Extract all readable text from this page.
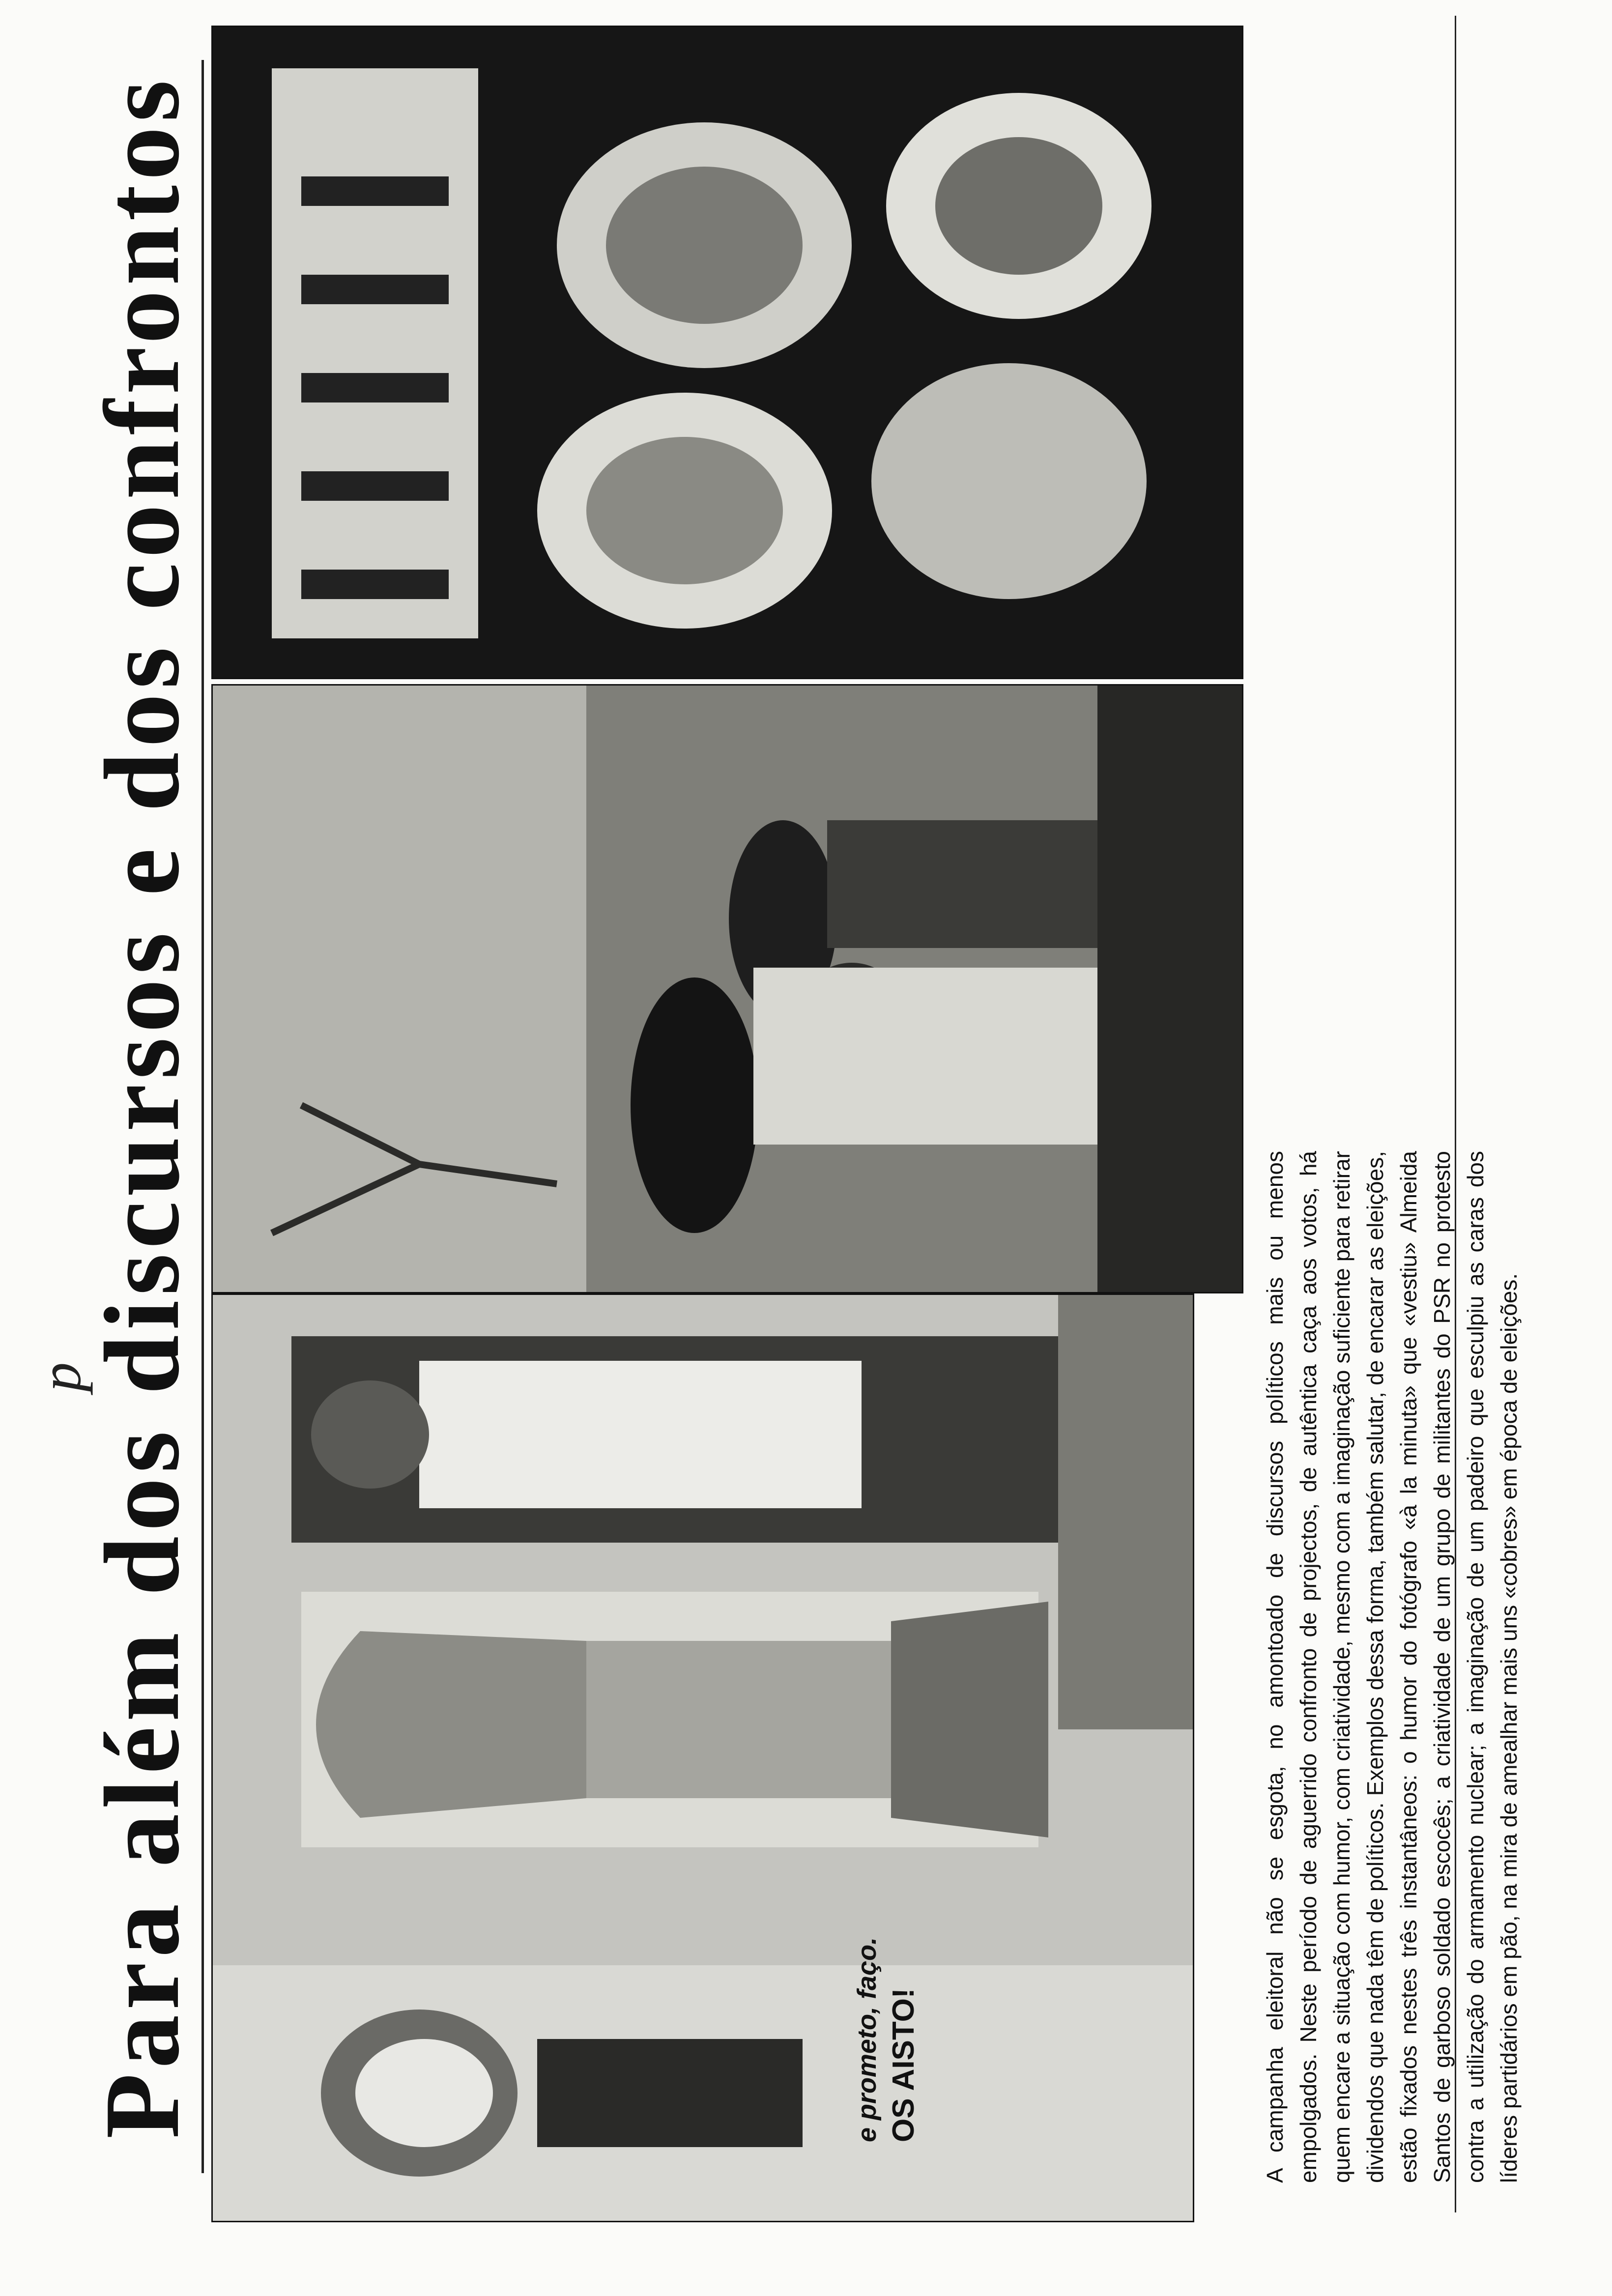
p
Para além dos discursos e dos confrontos	e prometo, faço. OS AISTO!	A campanha eleitoral não se esgota, no amontoado de discursos políticos mais ou menos empolgados. Neste período de aguerrido confronto de projectos, de autêntica caça aos votos, há quem encare a situação com humor, com criatividade, mesmo com a imaginação suficiente para retirar dividendos que nada têm de políticos. Exemplos dessa forma, também salutar, de encarar as eleições, estão fixados nestes três instantâneos: o humor do fotógrafo «à la minuta» que «vestiu» Almeida Santos de garboso soldado escocês; a criatividade de um grupo de militantes do PSR no protesto contra a utilização do armamento nuclear; a imaginação de um padeiro que esculpiu as caras dos líderes partidários em pão, na mira de amealhar mais uns «cobres» em época de eleições.
